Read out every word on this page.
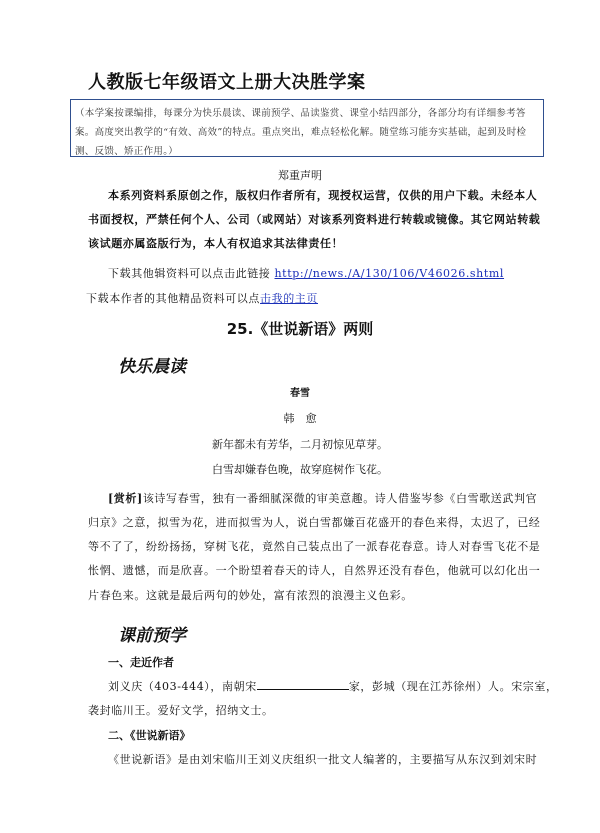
人教版七年级语文上册大决胜学案
（本学案按课编排，每课分为快乐晨读、课前预学、品读鉴赏、课堂小结四部分，各部分均有详细参考答案。高度突出教学的“有效、高效”的特点。重点突出，难点轻松化解。随堂练习能夯实基础，起到及时检测、反馈、矫正作用。）
郑重声明
本系列资料系原创之作，版权归作者所有，现授权运营，仅供的用户下载。未经本人
书面授权，严禁任何个人、公司（或网站）对该系列资料进行转载或镜像。其它网站转载
该试题亦属盗版行为，本人有权追求其法律责任！
下载其他辑资料可以点击此链接 http://news./A/130/106/V46026.shtml
下载本作者的其他精品资料可以点击我的主页
25.《世说新语》两则
快乐晨读
春雪
韩　愈
新年都未有芳华，二月初惊见草芽。
白雪却嫌春色晚，故穿庭树作飞花。
[赏析]该诗写春雪，独有一番细腻深微的审美意趣。诗人借鉴岑参《白雪歌送武判官
归京》之意，拟雪为花，进而拟雪为人，说白雪都嫌百花盛开的春色来得，太迟了，已经
等不了了，纷纷扬扬，穿树飞花，竟然自己装点出了一派春花春意。诗人对春雪飞花不是
怅惘、遗憾，而是欣喜。一个盼望着春天的诗人，自然界还没有春色，他就可以幻化出一
片春色来。这就是最后两句的妙处，富有浓烈的浪漫主义色彩。
课前预学
一、走近作者
刘义庆（403-444），南朝宋	家，彭城（现在江苏徐州）人。宋宗室，
袭封临川王。爱好文学，招纳文士。
二、《世说新语》
《世说新语》是由刘宋临川王刘义庆组织一批文人编著的，主要描写从东汉到刘宋时
